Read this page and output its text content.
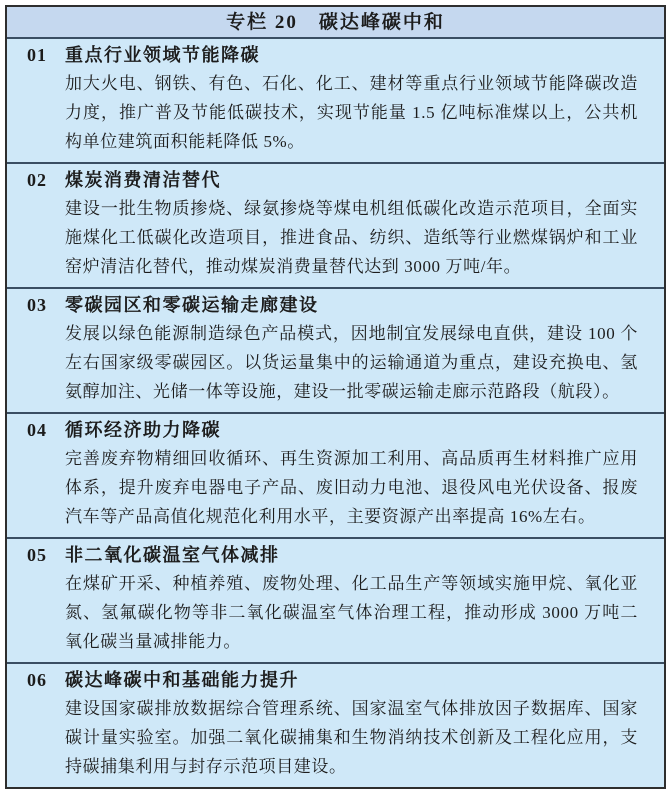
专栏 20　碳达峰碳中和
01	重点行业领域节能降碳
加大火电、钢铁、有色、石化、化工、建材等重点行业领域节能降碳改造力度，推广普及节能低碳技术，实现节能量 1.5 亿吨标准煤以上，公共机构单位建筑面积能耗降低 5%。
02	煤炭消费清洁替代
建设一批生物质掺烧、绿氨掺烧等煤电机组低碳化改造示范项目，全面实施煤化工低碳化改造项目，推进食品、纺织、造纸等行业燃煤锅炉和工业窑炉清洁化替代，推动煤炭消费量替代达到 3000 万吨/年。
03	零碳园区和零碳运输走廊建设
发展以绿色能源制造绿色产品模式，因地制宜发展绿电直供，建设 100 个左右国家级零碳园区。以货运量集中的运输通道为重点，建设充换电、氢氨醇加注、光储一体等设施，建设一批零碳运输走廊示范路段（航段）。
04	循环经济助力降碳
完善废弃物精细回收循环、再生资源加工利用、高品质再生材料推广应用体系，提升废弃电器电子产品、废旧动力电池、退役风电光伏设备、报废汽车等产品高值化规范化利用水平，主要资源产出率提高 16%左右。
05	非二氧化碳温室气体减排
在煤矿开采、种植养殖、废物处理、化工品生产等领域实施甲烷、氧化亚氮、氢氟碳化物等非二氧化碳温室气体治理工程，推动形成 3000 万吨二氧化碳当量减排能力。
06	碳达峰碳中和基础能力提升
建设国家碳排放数据综合管理系统、国家温室气体排放因子数据库、国家碳计量实验室。加强二氧化碳捕集和生物消纳技术创新及工程化应用，支持碳捕集利用与封存示范项目建设。
